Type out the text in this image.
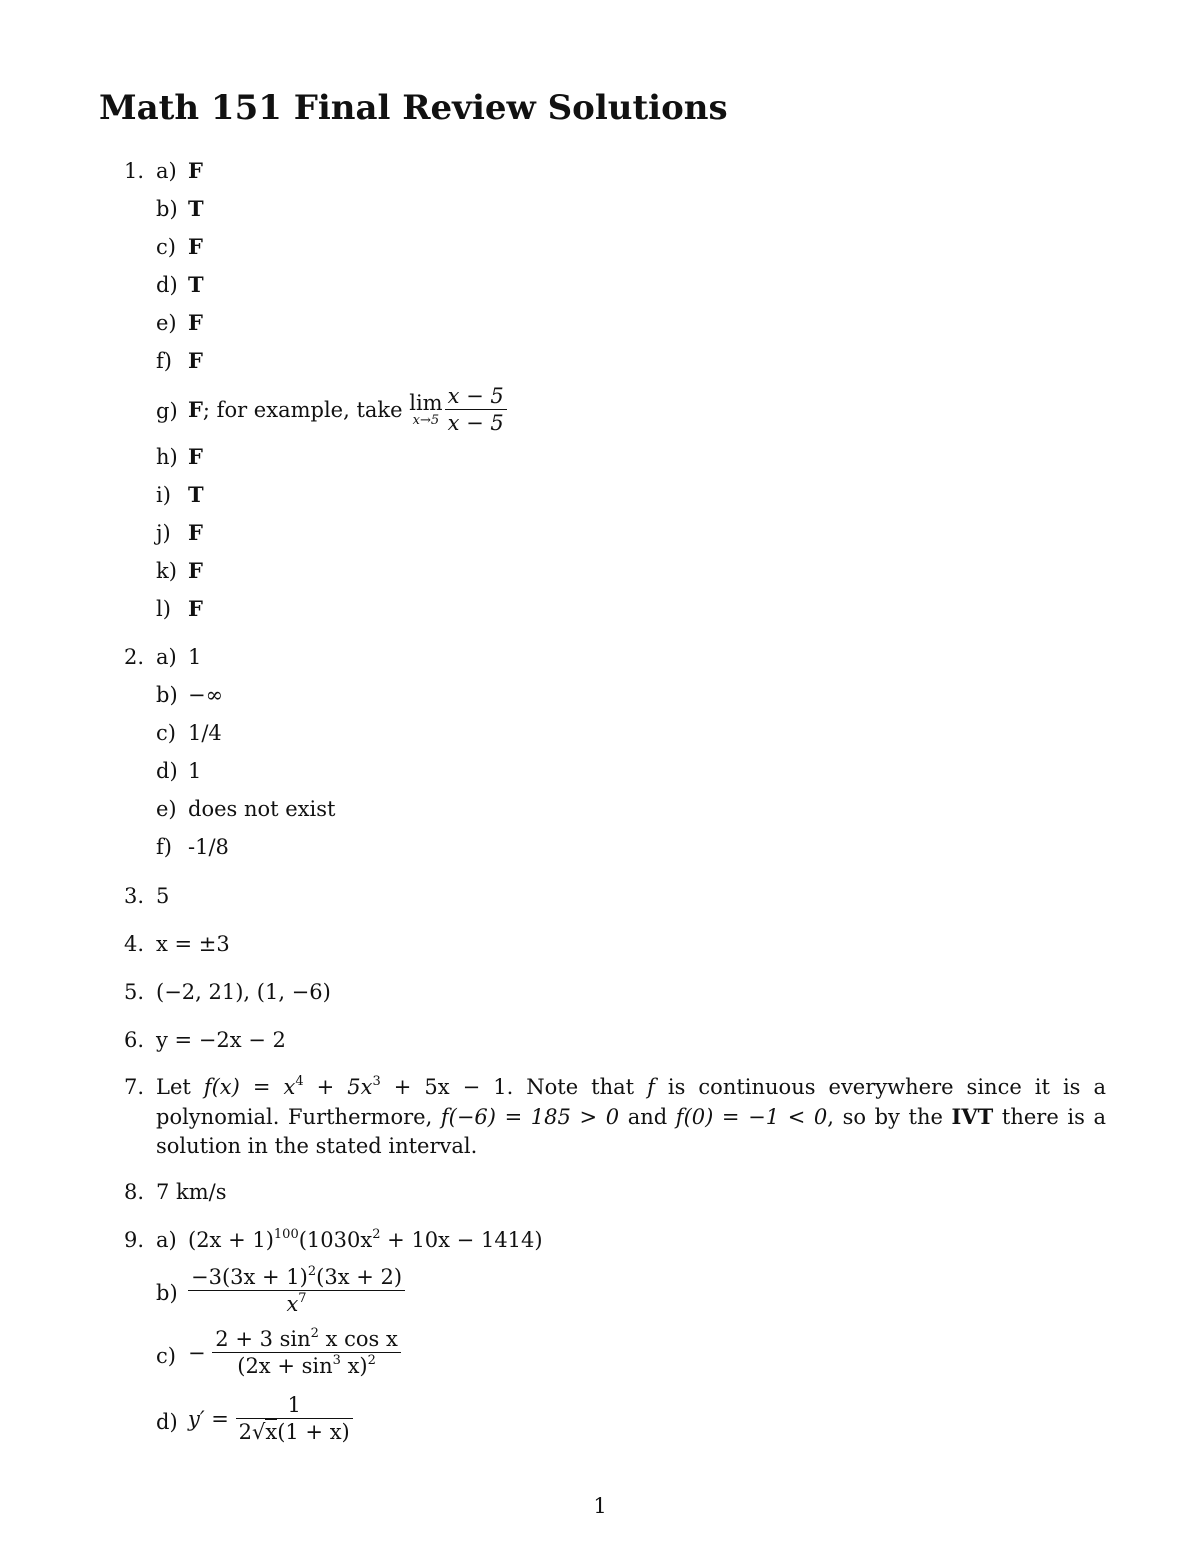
Math 151 Final Review Solutions
1. a) F
b) T
c) F
d) T
e) F
f) F
g) F; for example, take lim
$x\to 5 \frac{x - 5}{x - 5}$
h) F
i) T
j) F
k) F
l) F
2. a) 1
b) −∞
c) 1/4
d) 1
e) does not exist
f) -1/8
3. 5
4. x = ±3
5. (−2, 21), (1, −6)
6. y = −2x − 2
7. Let $f(x) = x^4 + 5x^3 + 5x - 1$. Note that f is continuous everywhere since it is a polynomial. Furthermore, f(−6) = 185 > 0 and f(0) = −1 < 0, so by the IVT there is a solution in the stated interval.
8. 7 km/s
9. a) $(2x + 1)^{100}(1030x^2 + 10x - 1414)$
$b) \frac{-3(3x + 1)^2(3x + 2)}{x^7}$
$c) - \frac{2 + 3 \sin^2 x \cos x}{(2x + \sin^3 x)^2}$
d) $y' = \frac{1}{2√x(1 + x)}$
1
